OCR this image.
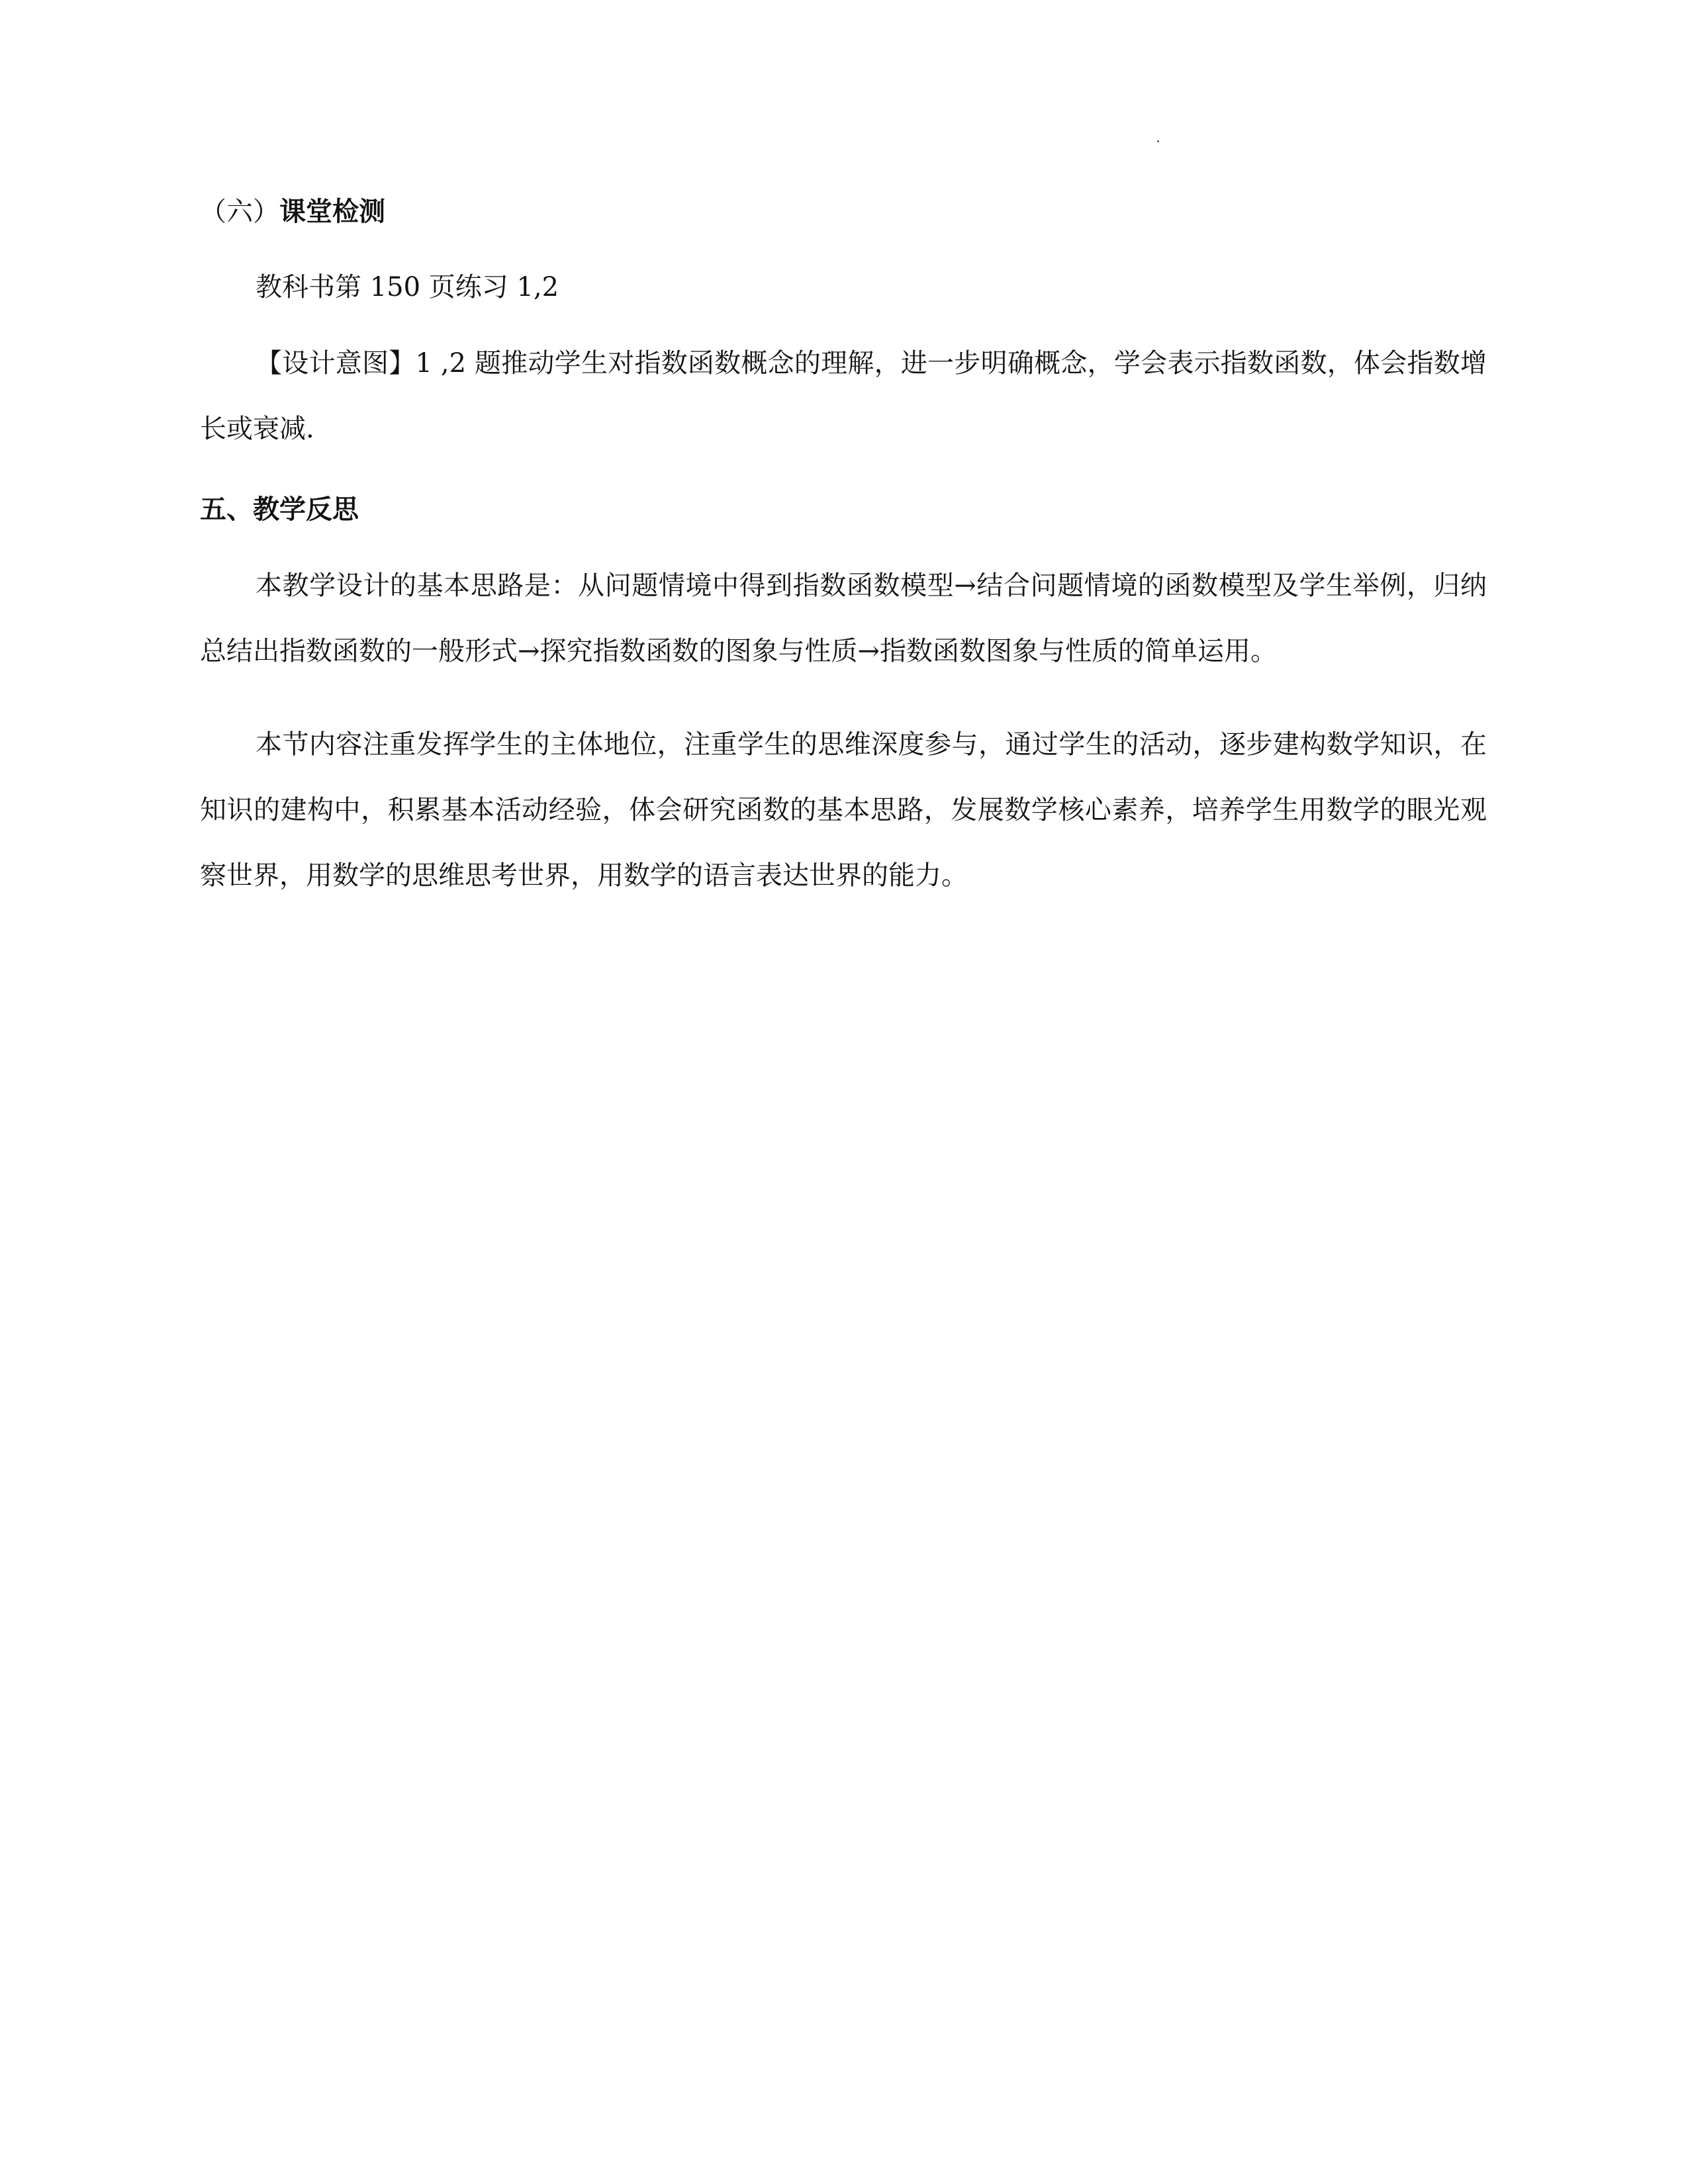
（六）课堂检测

教科书第 150 页练习 1,2

【设计意图】1 ,2 题推动学生对指数函数概念的理解，进一步明确概念，学会表示指数函数，体会指数增长或衰减.

五、教学反思

本教学设计的基本思路是：从问题情境中得到指数函数模型→结合问题情境的函数模型及学生举例，归纳总结出指数函数的一般形式→探究指数函数的图象与性质→指数函数图象与性质的简单运用。

本节内容注重发挥学生的主体地位，注重学生的思维深度参与，通过学生的活动，逐步建构数学知识，在知识的建构中，积累基本活动经验，体会研究函数的基本思路，发展数学核心素养，培养学生用数学的眼光观察世界，用数学的思维思考世界，用数学的语言表达世界的能力。
